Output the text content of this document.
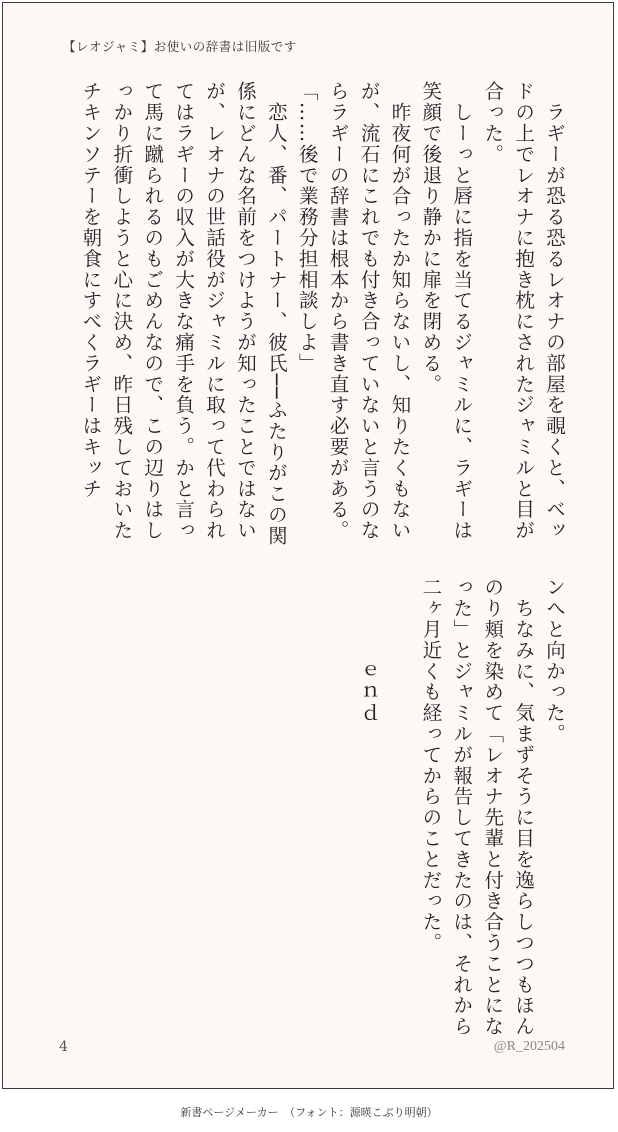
【レオジャミ】お使いの辞書は旧版です

　ラギーが恐る恐るレオナの部屋を覗くと、ベッドの上でレオナに抱き枕にされたジャミルと目が合った。

　しーっと唇に指を当てるジャミルに、ラギーは笑顔で後退り静かに扉を閉める。

　昨夜何が合ったか知らないし、知りたくもないが、流石にこれでも付き合っていないと言うのならラギーの辞書は根本から書き直す必要がある。

「……後で業務分担相談しよ」

　恋人、番、パートナー、彼氏──ふたりがこの関係にどんな名前をつけようが知ったことではないが、レオナの世話役がジャミルに取って代わられてはラギーの収入が大きな痛手を負う。かと言って馬に蹴られるのもごめんなので、この辺りはしっかり折衝しようと心に決め、昨日残しておいたチキンソテーを朝食にすべくラギーはキッチ

ンへと向かった。

　ちなみに、気まずそうに目を逸らしつつもほんのり頬を染めて「レオナ先輩と付き合うことになった」とジャミルが報告してきたのは、それから二ヶ月近くも経ってからのことだった。

　　　　ｅｎｄ

4	@R_202504
新書ページメーカー　（フォント：源暎こぶり明朝）
